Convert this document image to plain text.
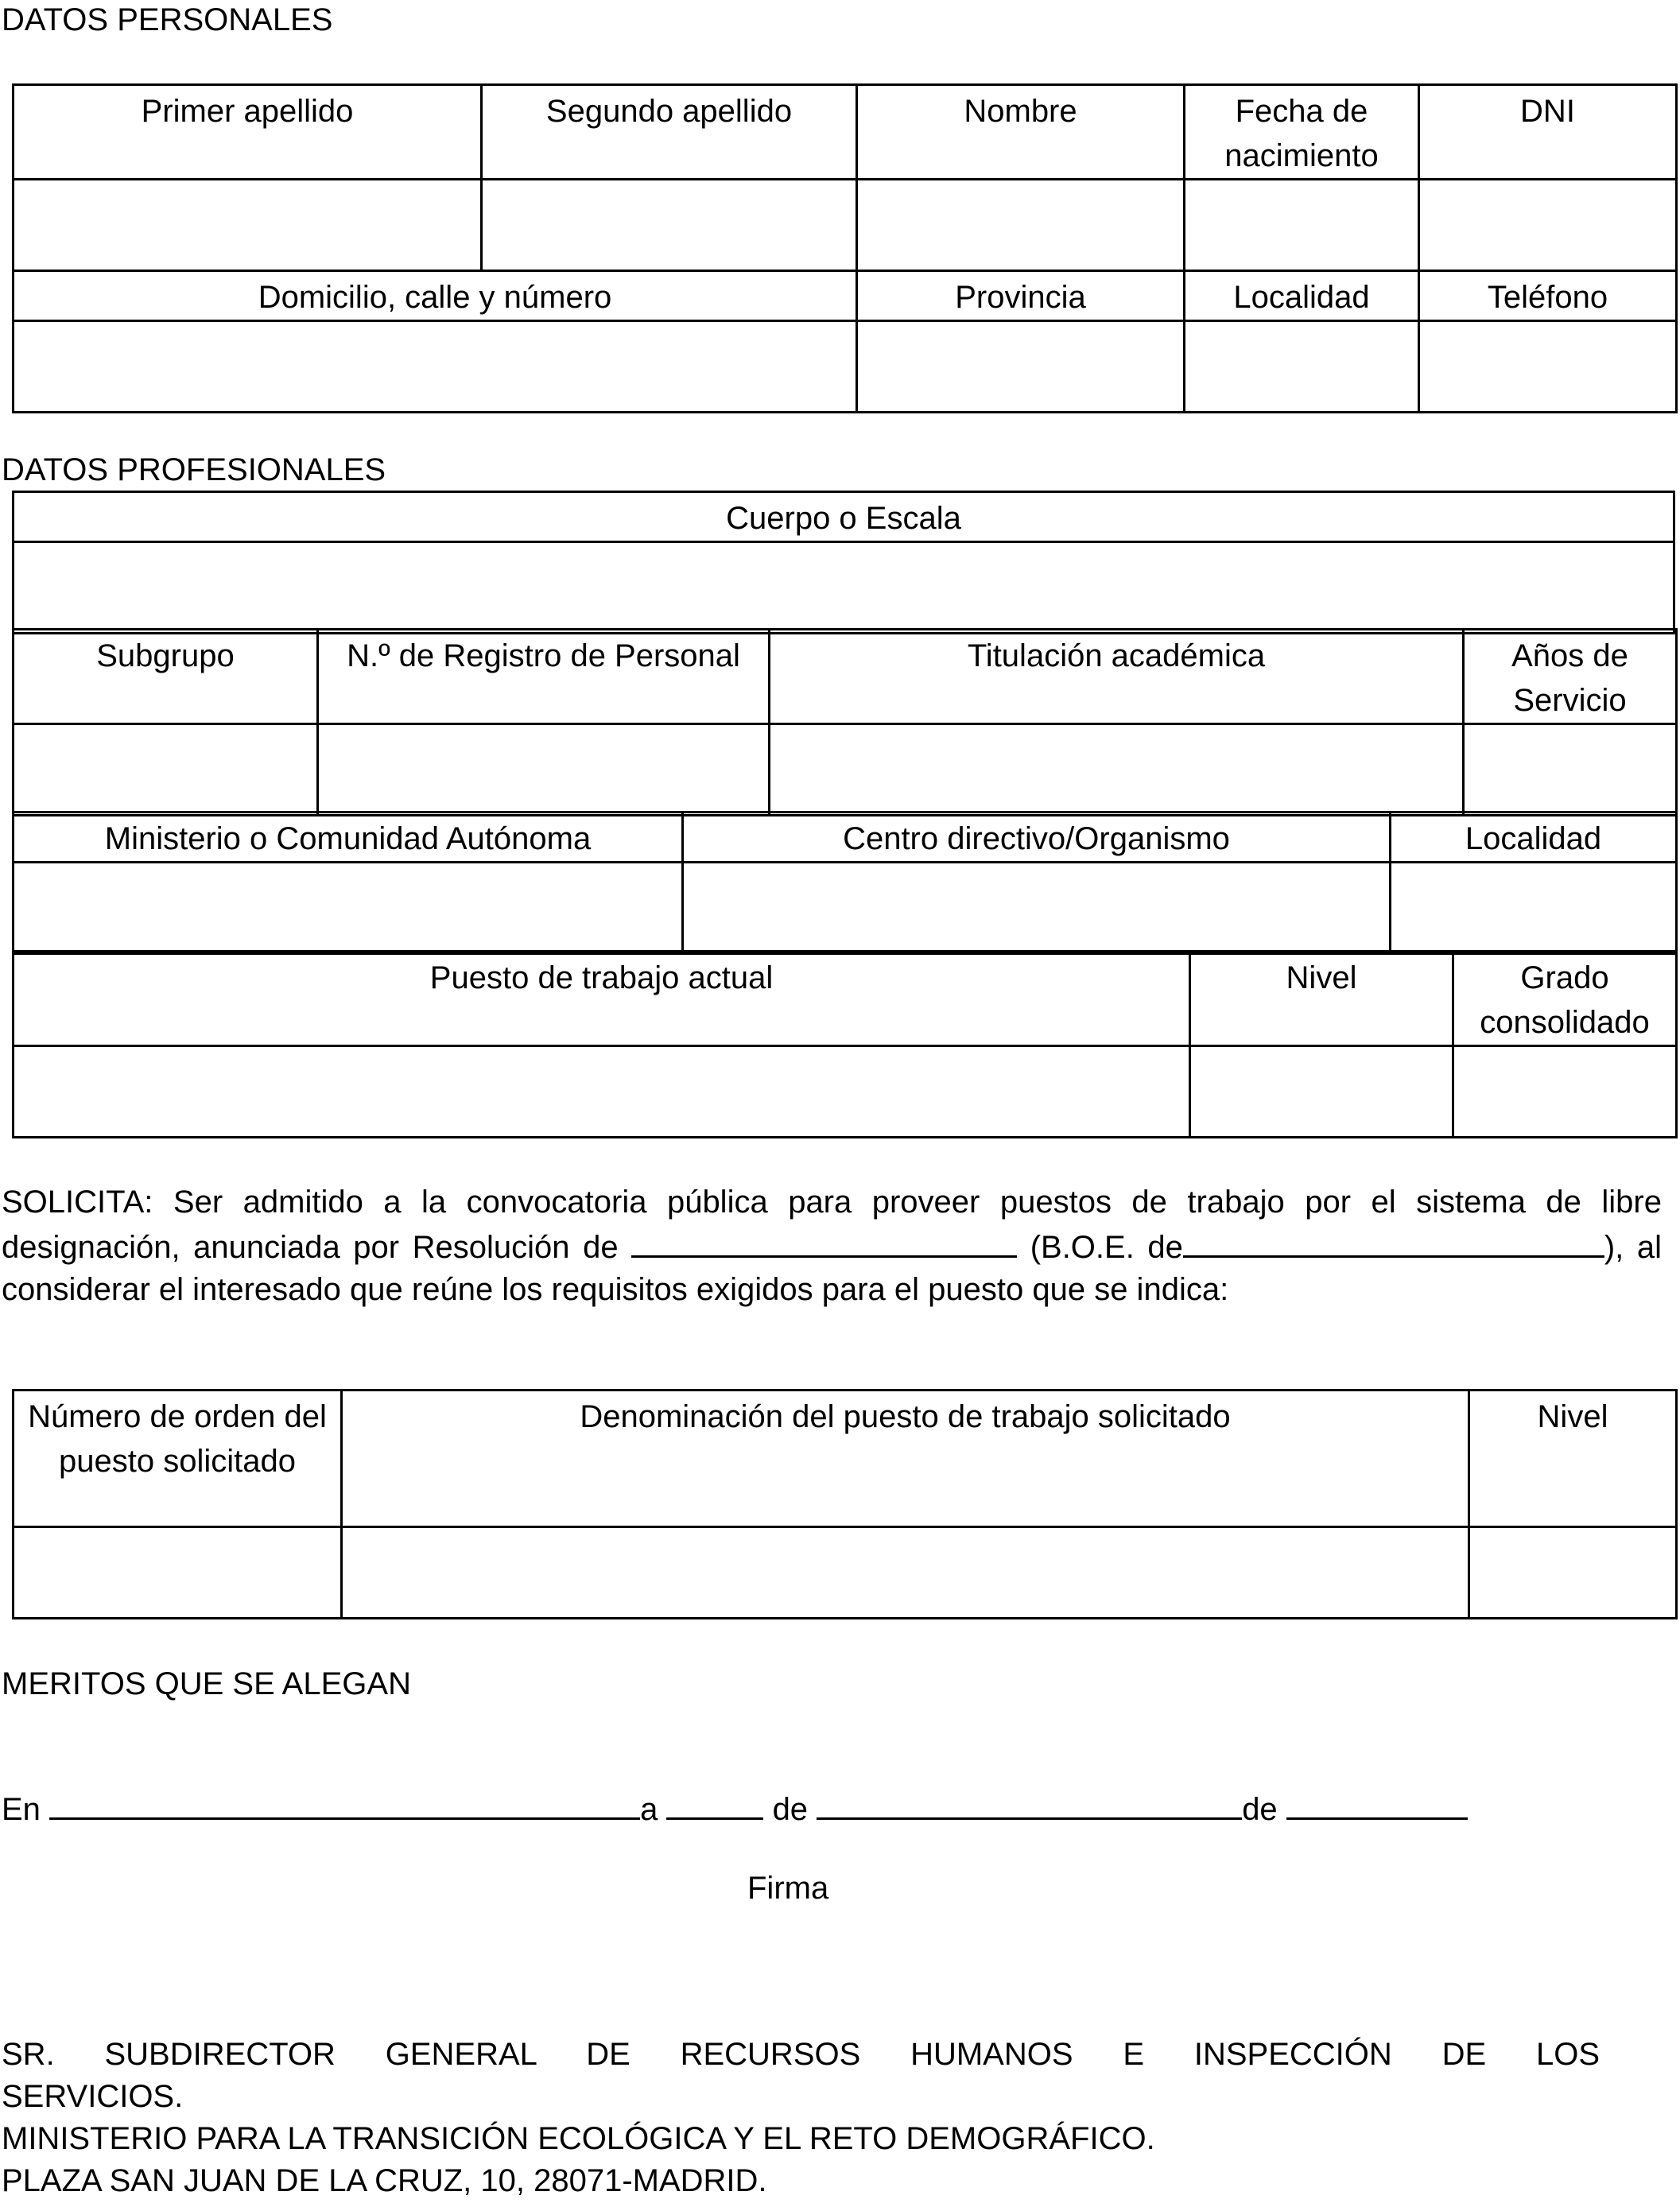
DATOS PERSONALES
Primer apellido	Segundo apellido	Nombre	Fecha de nacimiento	DNI

Domicilio, calle y número		Provincia	Localidad	Teléfono

DATOS PROFESIONALES
Cuerpo o Escala

Subgrupo	N.º de Registro de Personal	Titulación académica	Años de Servicio

Ministerio o Comunidad Autónoma	Centro directivo/Organismo	Localidad

Puesto de trabajo actual	Nivel	Grado consolidado

SOLICITA: Ser admitido a la convocatoria pública para proveer puestos de trabajo por el sistema de libre designación, anunciada por Resolución de	(B.O.E. de	), al considerar el interesado que reúne los requisitos exigidos para el puesto que se indica:
Número de orden del puesto solicitado	Denominación del puesto de trabajo solicitado	Nivel

MERITOS QUE SE ALEGAN
En	a	de	de
Firma
SR. SUBDIRECTOR GENERAL DE RECURSOS HUMANOS E INSPECCIÓN DE LOS
SERVICIOS.
MINISTERIO PARA LA TRANSICIÓN ECOLÓGICA Y EL RETO DEMOGRÁFICO.
PLAZA SAN JUAN DE LA CRUZ, 10, 28071-MADRID.
